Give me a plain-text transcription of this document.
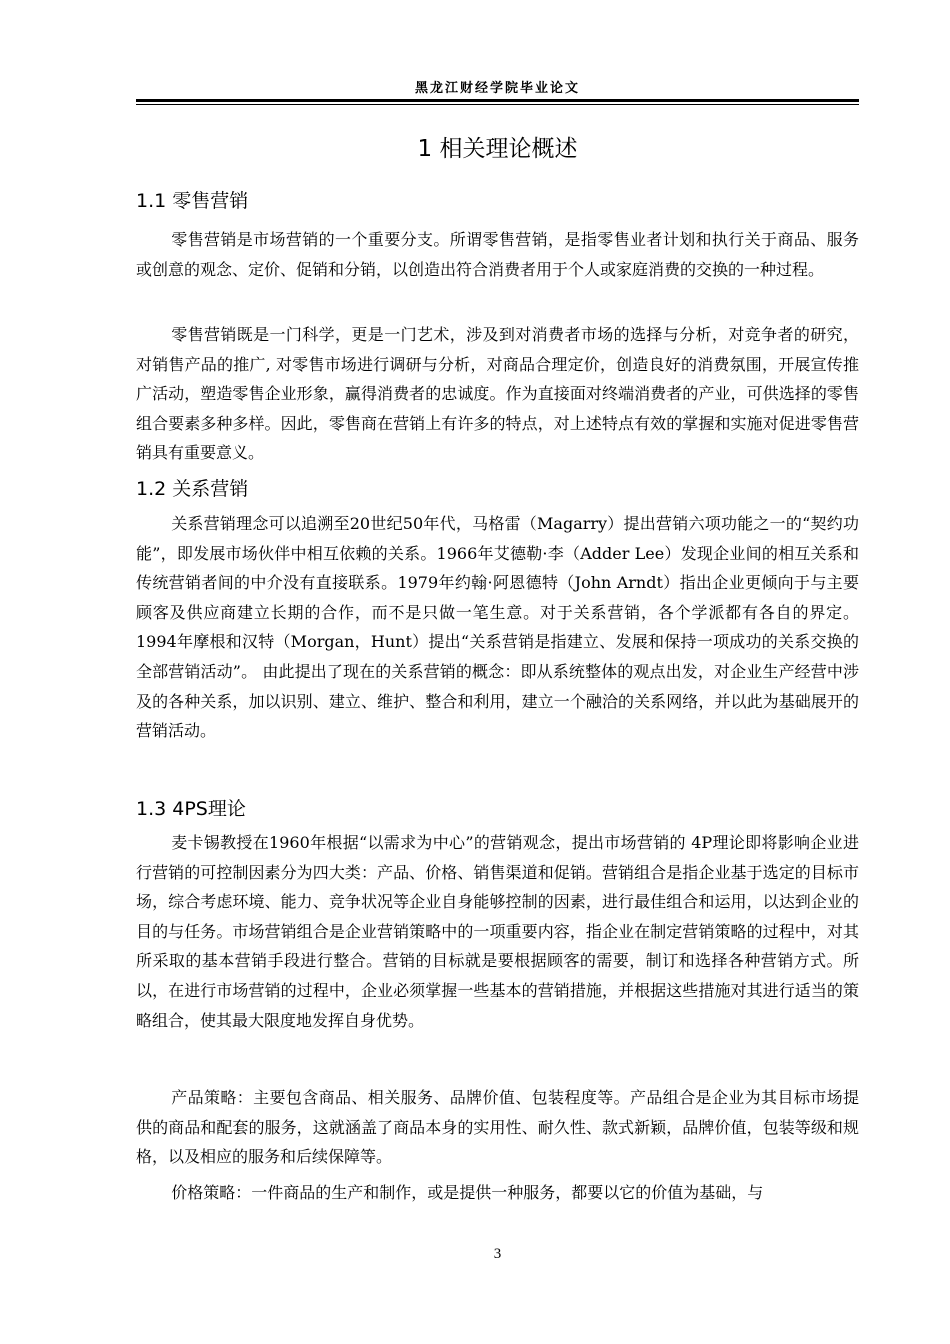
黑龙江财经学院毕业论文
1 相关理论概述
1.1 零售营销

零售营销是市场营销的一个重要分支。所谓零售营销，是指零售业者计划和执行关于商品、服务或创意的观念、定价、促销和分销，以创造出符合消费者用于个人或家庭消费的交换的一种过程。

零售营销既是一门科学，更是一门艺术，涉及到对消费者市场的选择与分析，对竞争者的研究，对销售产品的推广, 对零售市场进行调研与分析，对商品合理定价，创造良好的消费氛围，开展宣传推广活动，塑造零售企业形象，赢得消费者的忠诚度。作为直接面对终端消费者的产业，可供选择的零售组合要素多种多样。因此，零售商在营销上有许多的特点，对上述特点有效的掌握和实施对促进零售营销具有重要意义。

1.2 关系营销

关系营销理念可以追溯至20世纪50年代，马格雷（Magarry）提出营销六项功能之一的“契约功能”，即发展市场伙伴中相互依赖的关系。1966年艾德勒·李（Adder Lee）发现企业间的相互关系和传统营销者间的中介没有直接联系。1979年约翰·阿恩德特（John Arndt）指出企业更倾向于与主要顾客及供应商建立长期的合作，而不是只做一笔生意。对于关系营销，各个学派都有各自的界定。1994年摩根和汉特（Morgan，Hunt）提出“关系营销是指建立、发展和保持一项成功的关系交换的全部营销活动”。 由此提出了现在的关系营销的概念：即从系统整体的观点出发，对企业生产经营中涉及的各种关系，加以识别、建立、维护、整合和利用，建立一个融洽的关系网络，并以此为基础展开的营销活动。

1.3 4PS理论

麦卡锡教授在1960年根据“以需求为中心”的营销观念，提出市场营销的 4P理论即将影响企业进行营销的可控制因素分为四大类：产品、价格、销售渠道和促销。营销组合是指企业基于选定的目标市场，综合考虑环境、能力、竞争状况等企业自身能够控制的因素，进行最佳组合和运用，以达到企业的目的与任务。市场营销组合是企业营销策略中的一项重要内容，指企业在制定营销策略的过程中，对其所采取的基本营销手段进行整合。营销的目标就是要根据顾客的需要，制订和选择各种营销方式。所以，在进行市场营销的过程中，企业必须掌握一些基本的营销措施，并根据这些措施对其进行适当的策略组合，使其最大限度地发挥自身优势。

产品策略：主要包含商品、相关服务、品牌价值、包装程度等。产品组合是企业为其目标市场提供的商品和配套的服务，这就涵盖了商品本身的实用性、耐久性、款式新颖，品牌价值，包装等级和规格，以及相应的服务和后续保障等。

价格策略：一件商品的生产和制作，或是提供一种服务，都要以它的价值为基础，与

3
